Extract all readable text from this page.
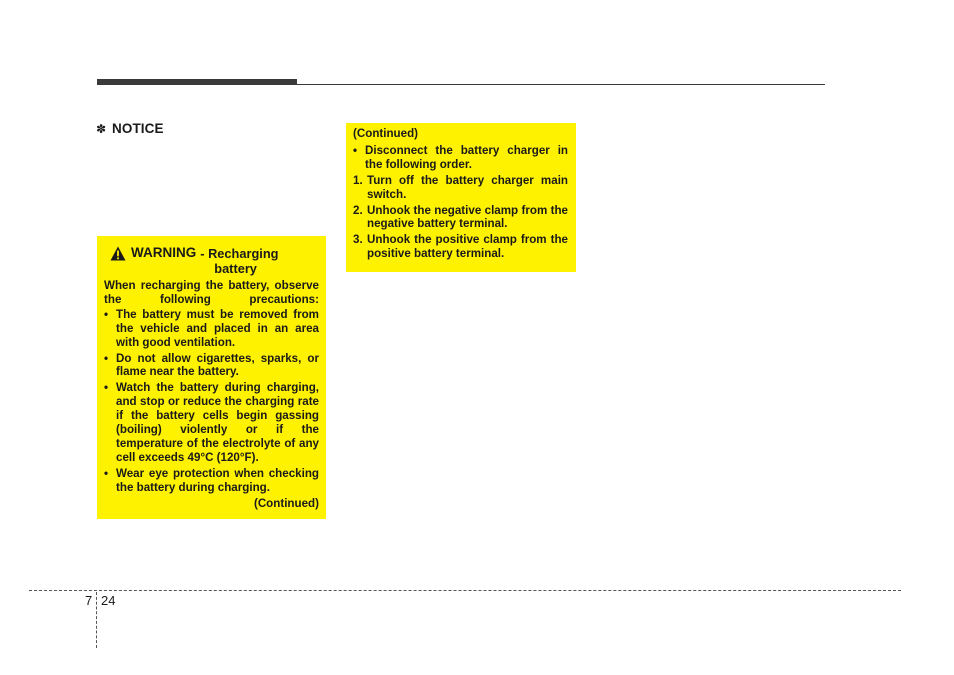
✽ NOTICE
WARNING - Recharging
battery
When recharging the battery, observe the following precautions:
• The battery must be removed from the vehicle and placed in an area with good ventilation.
• Do not allow cigarettes, sparks, or flame near the battery.
• Watch the battery during charging, and stop or reduce the charging rate if the battery cells begin gassing (boiling) violently or if the temperature of the electrolyte of any cell exceeds 49°C (120°F).
• Wear eye protection when checking the battery during charging.
(Continued)
(Continued)
• Disconnect the battery charger in the following order.
1. Turn off the battery charger main switch.
2. Unhook the negative clamp from the negative battery terminal.
3. Unhook the positive clamp from the positive battery terminal.
7 24
